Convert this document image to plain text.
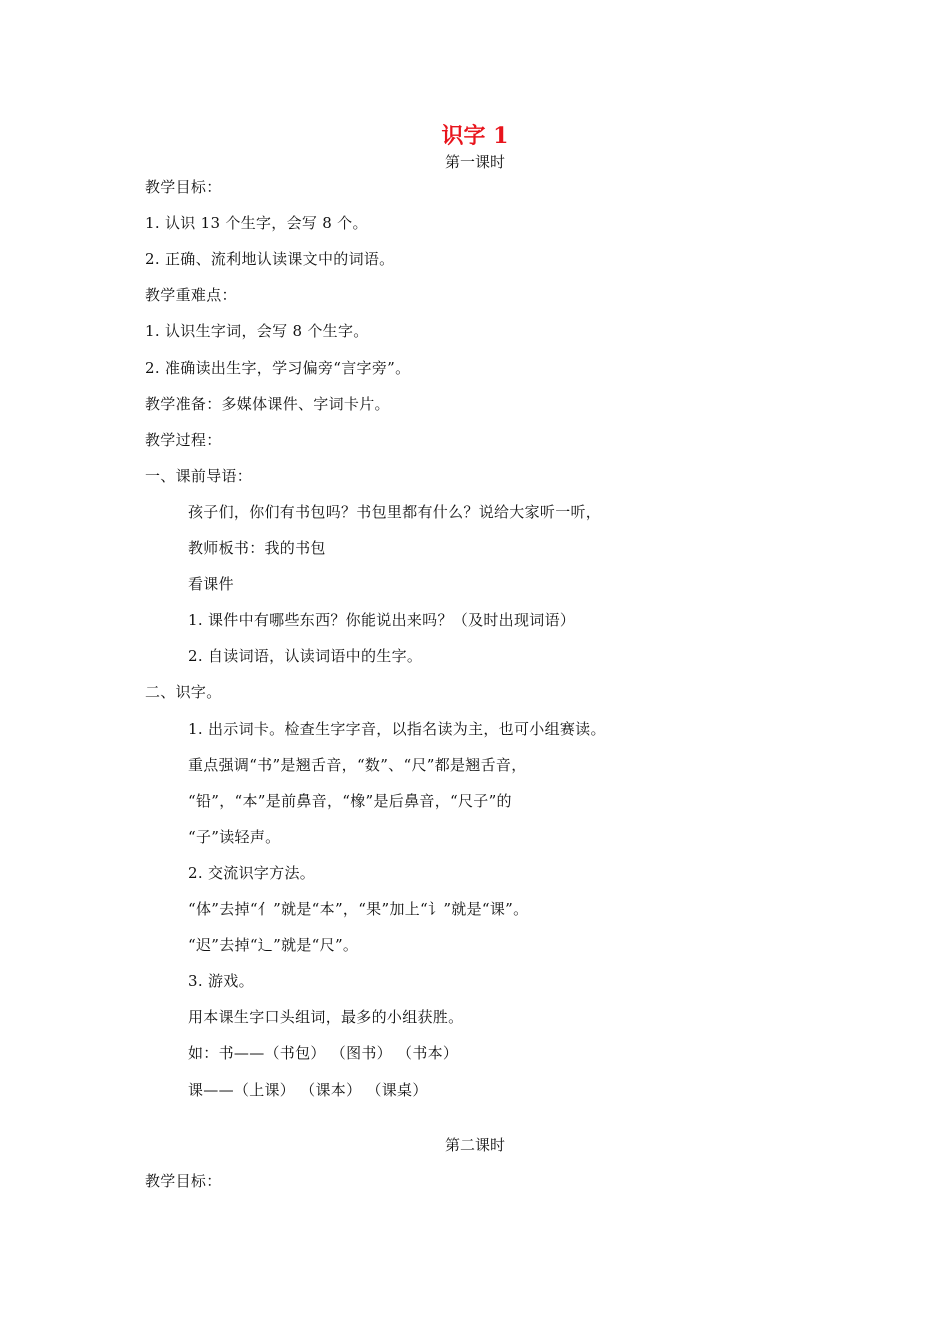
识字 1
第一课时
教学目标：
1. 认识 13 个生字，会写 8 个。
2. 正确、流利地认读课文中的词语。
教学重难点：
1. 认识生字词，会写 8 个生字。
2. 准确读出生字，学习偏旁“言字旁”。
教学准备：多媒体课件、字词卡片。
教学过程：
一、课前导语：
孩子们，你们有书包吗？书包里都有什么？说给大家听一听，
教师板书：我的书包
看课件
1. 课件中有哪些东西？你能说出来吗？（及时出现词语）
2. 自读词语，认读词语中的生字。
二、识字。
1. 出示词卡。检查生字字音，以指名读为主，也可小组赛读。
重点强调“书”是翘舌音，“数”、“尺”都是翘舌音，
“铅”，“本”是前鼻音，“橡”是后鼻音，“尺子”的
“子”读轻声。
2. 交流识字方法。
“体”去掉“亻”就是“本”，“果”加上“讠”就是“课”。
“迟”去掉“辶”就是“尺”。
3. 游戏。
用本课生字口头组词，最多的小组获胜。
如：书——（书包） （图书） （书本）
课——（上课） （课本） （课桌）
第二课时
教学目标：
